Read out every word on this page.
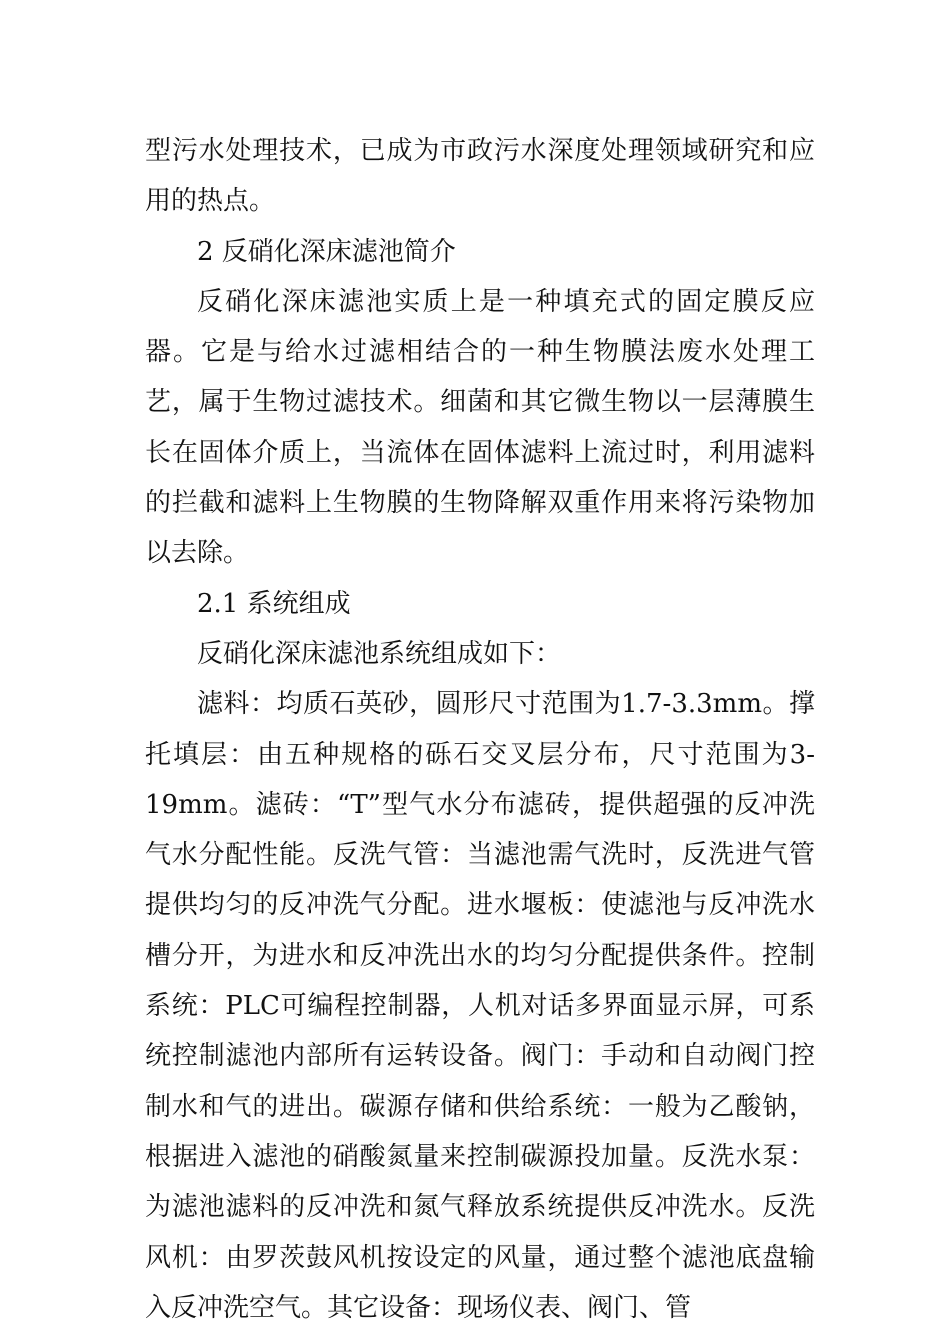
型污水处理技术，已成为市政污水深度处理领域研究和应用的热点。

2 反硝化深床滤池简介

反硝化深床滤池实质上是一种填充式的固定膜反应器。它是与给水过滤相结合的一种生物膜法废水处理工艺，属于生物过滤技术。细菌和其它微生物以一层薄膜生长在固体介质上，当流体在固体滤料上流过时，利用滤料的拦截和滤料上生物膜的生物降解双重作用来将污染物加以去除。

2.1 系统组成

反硝化深床滤池系统组成如下：

滤料：均质石英砂，圆形尺寸范围为1.7-3.3mm。撑托填层：由五种规格的砾石交叉层分布，尺寸范围为3-19mm。滤砖：“T”型气水分布滤砖，提供超强的反冲洗气水分配性能。反洗气管：当滤池需气洗时，反洗进气管提供均匀的反冲洗气分配。进水堰板：使滤池与反冲洗水槽分开，为进水和反冲洗出水的均匀分配提供条件。控制系统：PLC可编程控制器，人机对话多界面显示屏，可系统控制滤池内部所有运转设备。阀门：手动和自动阀门控制水和气的进出。碳源存储和供给系统：一般为乙酸钠，根据进入滤池的硝酸氮量来控制碳源投加量。反洗水泵：为滤池滤料的反冲洗和氮气释放系统提供反冲洗水。反洗风机：由罗茨鼓风机按设定的风量，通过整个滤池底盘输入反冲洗空气。其它设备：现场仪表、阀门、管
